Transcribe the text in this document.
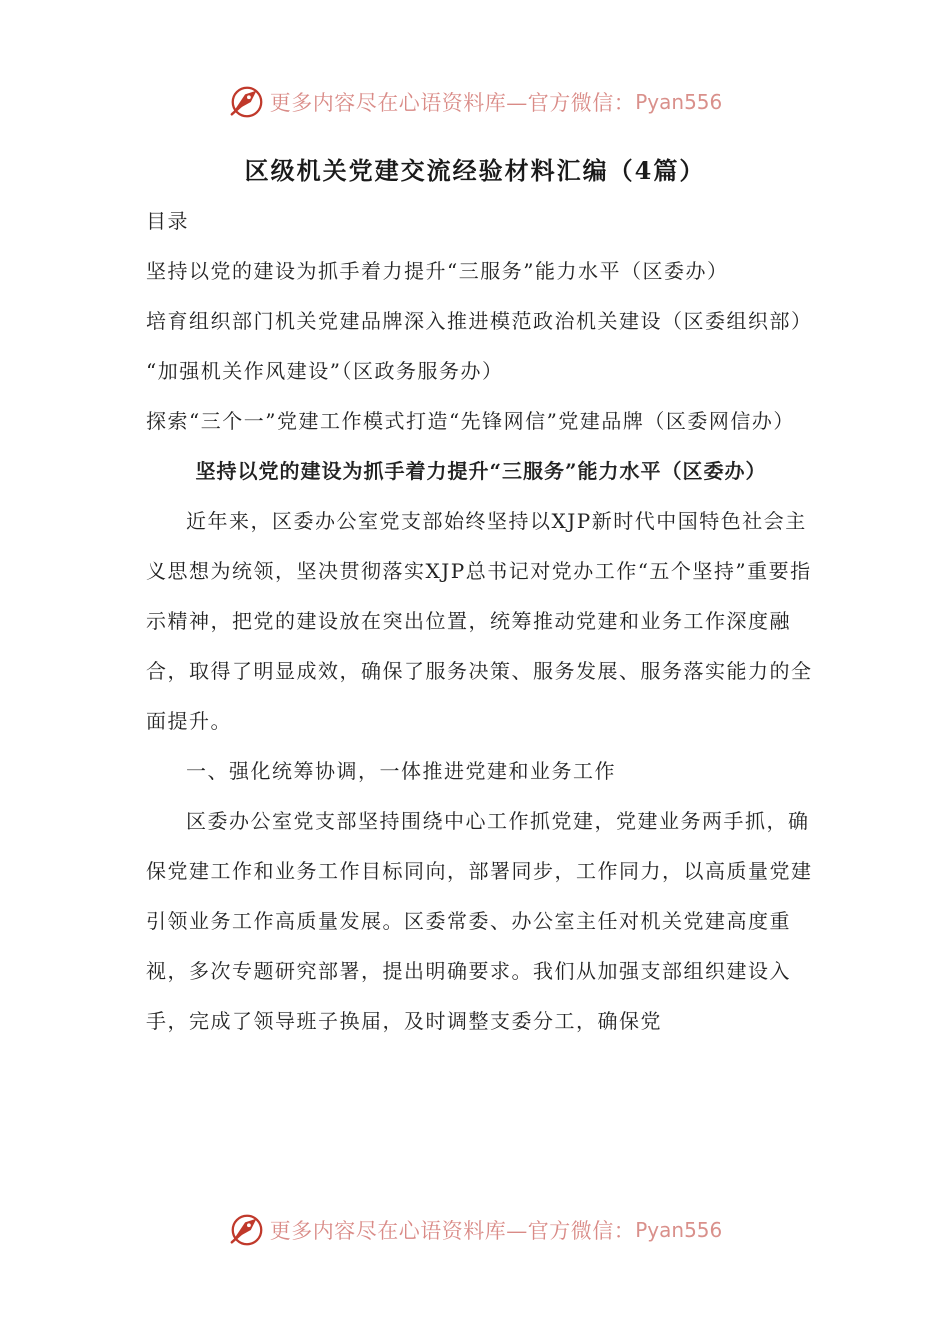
更多内容尽在心语资料库—官方微信： Pyan556
区级机关党建交流经验材料汇编（4篇）

目录

坚持以党的建设为抓手着力提升“三服务”能力水平（区委办）

培育组织部门机关党建品牌深入推进模范政治机关建设（区委组织部）

“加强机关作风建设”（区政务服务办）

探索“三个一”党建工作模式打造“先锋网信”党建品牌（区委网信办）

坚持以党的建设为抓手着力提升“三服务”能力水平（区委办）

近年来，区委办公室党支部始终坚持以XJP新时代中国特色社会主义思想为统领，坚决贯彻落实XJP总书记对党办工作“五个坚持”重要指示精神，把党的建设放在突出位置，统筹推动党建和业务工作深度融合，取得了明显成效，确保了服务决策、服务发展、服务落实能力的全面提升。

一、强化统筹协调，一体推进党建和业务工作

区委办公室党支部坚持围绕中心工作抓党建，党建业务两手抓，确保党建工作和业务工作目标同向，部署同步，工作同力，以高质量党建引领业务工作高质量发展。区委常委、办公室主任对机关党建高度重视，多次专题研究部署，提出明确要求。我们从加强支部组织建设入手，完成了领导班子换届，及时调整支委分工，确保党

更多内容尽在心语资料库—官方微信： Pyan556
